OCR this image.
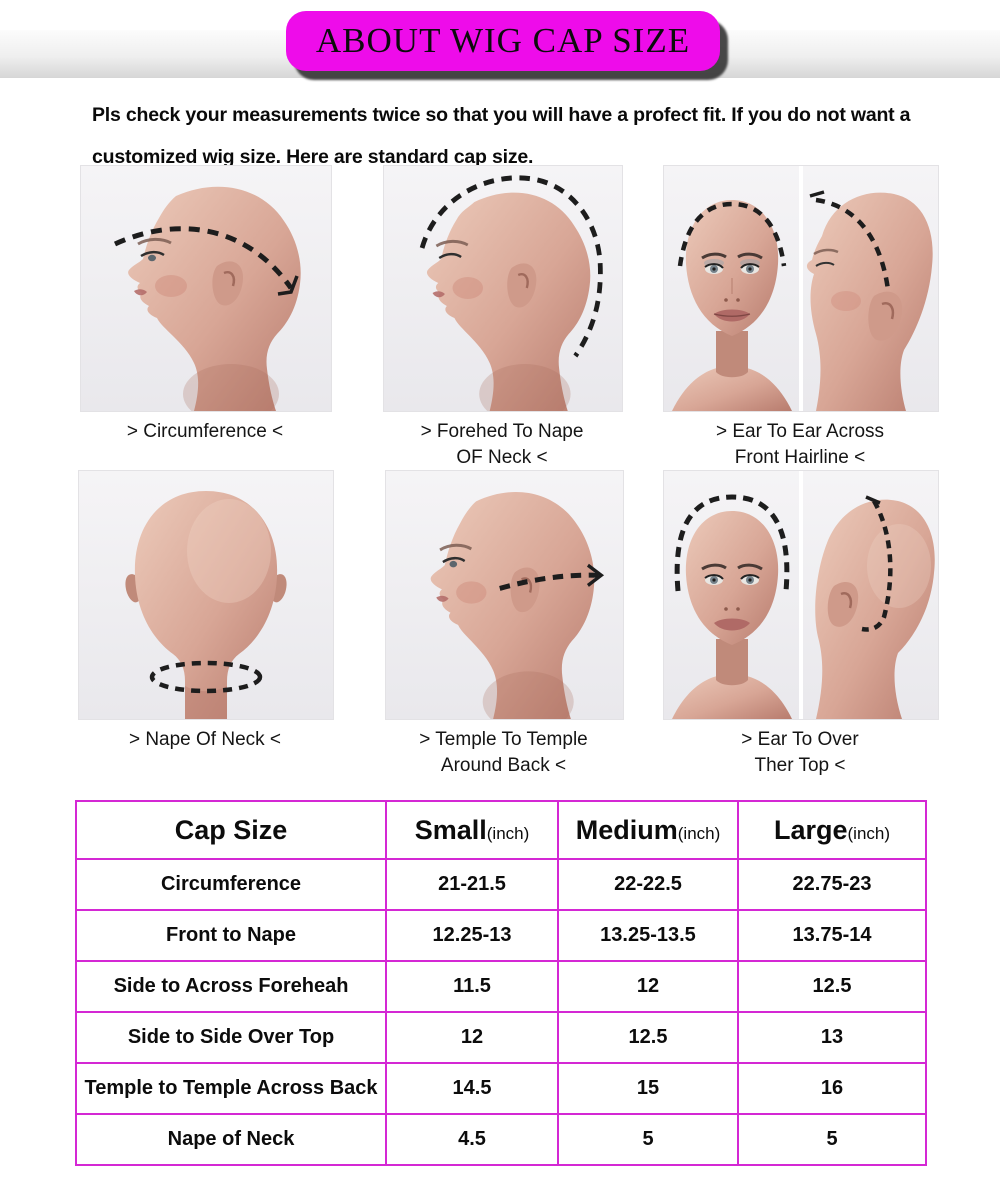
ABOUT WIG CAP SIZE
Pls check your measurements twice so that you will have a profect fit. If you do not want a
customized wig size. Here are standard cap size.
> Circumference <	> Forehed To Nape
OF Neck <
> Ear To Ear Across
Front Hairline <
> Nape Of Neck <	> Temple To Temple
Around Back <
> Ear To Over
Ther Top <
Cap Size	Small(inch)	Medium(inch)	Large(inch)
Circumference	21-21.5	22-22.5	22.75-23
Front to Nape	12.25-13	13.25-13.5	13.75-14
Side to Across Foreheah	11.5	12	12.5
Side to Side Over Top	12	12.5	13
Temple to Temple Across Back	14.5	15	16
Nape of Neck	4.5	5	5
